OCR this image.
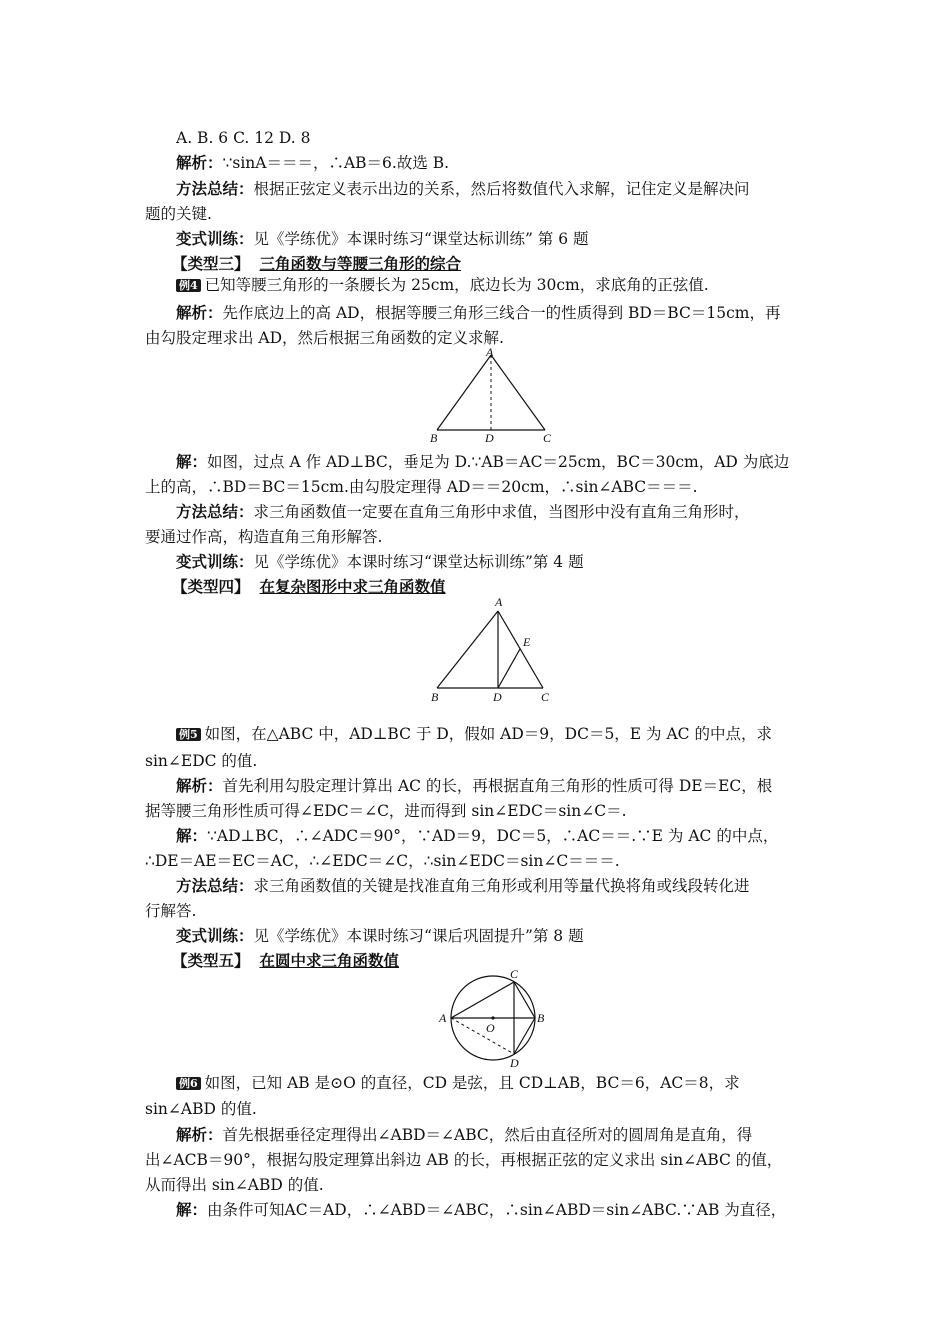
A. B. 6 C. 12 D. 8
解析：∵sinA＝＝＝，∴AB＝6.故选 B.
方法总结：根据正弦定义表示出边的关系，然后将数值代入求解，记住定义是解决问
题的关键.
变式训练：见《学练优》本课时练习“课堂达标训练” 第 6 题
【类型三】 三角函数与等腰三角形的综合
例4 已知等腰三角形的一条腰长为 25cm，底边长为 30cm，求底角的正弦值.
解析：先作底边上的高 AD，根据等腰三角形三线合一的性质得到 BD＝BC＝15cm，再
由勾股定理求出 AD，然后根据三角函数的定义求解.
A
B	D	C
解：如图，过点 A 作 AD⊥BC，垂足为 D.∵AB＝AC＝25cm，BC＝30cm，AD 为底边
上的高，∴BD＝BC＝15cm.由勾股定理得 AD＝＝20cm，∴sin∠ABC＝＝＝.
方法总结：求三角函数值一定要在直角三角形中求值，当图形中没有直角三角形时，
要通过作高，构造直角三角形解答.
变式训练：见《学练优》本课时练习“课堂达标训练”第 4 题
【类型四】 在复杂图形中求三角函数值
A
E
B	D	C
例5 如图，在△ABC 中，AD⊥BC 于 D，假如 AD＝9，DC＝5，E 为 AC 的中点，求
sin∠EDC 的值.
解析：首先利用勾股定理计算出 AC 的长，再根据直角三角形的性质可得 DE＝EC，根
据等腰三角形性质可得∠EDC＝∠C，进而得到 sin∠EDC＝sin∠C＝.
解：∵AD⊥BC，∴∠ADC＝90°，∵AD＝9，DC＝5，∴AC＝＝.∵E 为 AC 的中点，
∴DE＝AE＝EC＝AC，∴∠EDC＝∠C，∴sin∠EDC＝sin∠C＝＝＝.
方法总结：求三角函数值的关键是找准直角三角形或利用等量代换将角或线段转化进
行解答.
变式训练：见《学练优》本课时练习“课后巩固提升”第 8 题
【类型五】 在圆中求三角函数值
C
A	B
O
D
例6 如图，已知 AB 是⊙O 的直径，CD 是弦，且 CD⊥AB，BC＝6，AC＝8，求
sin∠ABD 的值.
解析：首先根据垂径定理得出∠ABD＝∠ABC，然后由直径所对的圆周角是直角，得
出∠ACB＝90°，根据勾股定理算出斜边 AB 的长，再根据正弦的定义求出 sin∠ABC 的值，
从而得出 sin∠ABD 的值.
解：由条件可知AC＝AD，∴∠ABD＝∠ABC，∴sin∠ABD＝sin∠ABC.∵AB 为直径，
